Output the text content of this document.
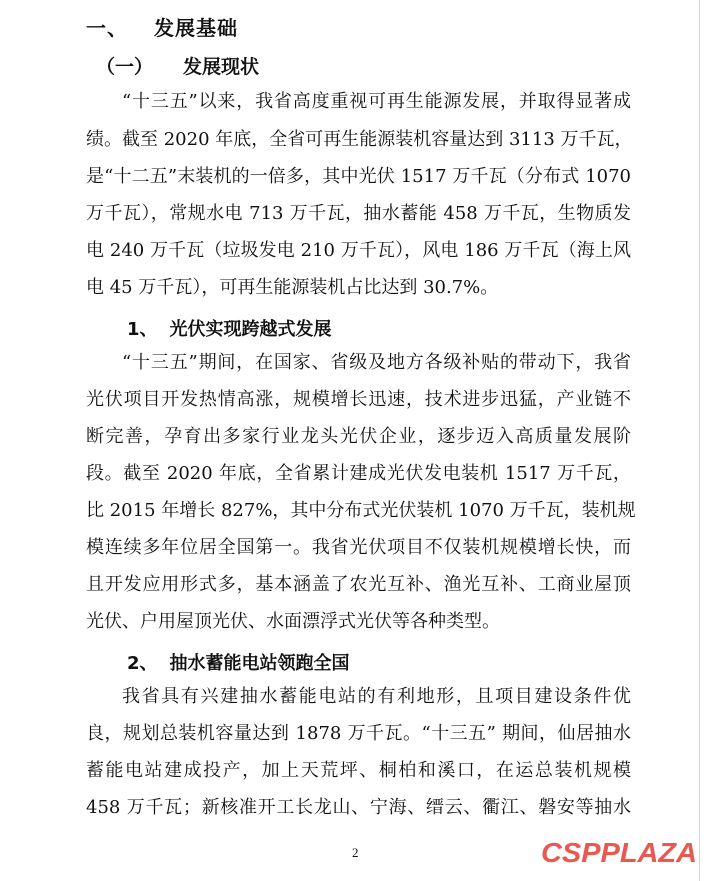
一、 发展基础
（一） 发展现状
“十三五”以来，我省高度重视可再生能源发展，并取得显著成
绩。截至 2020 年底，全省可再生能源装机容量达到 3113 万千瓦，
是“十二五”末装机的一倍多，其中光伏 1517 万千瓦（分布式 1070
万千瓦），常规水电 713 万千瓦，抽水蓄能 458 万千瓦，生物质发
电 240 万千瓦（垃圾发电 210 万千瓦），风电 186 万千瓦（海上风
电 45 万千瓦），可再生能源装机占比达到 30.7%。
1、 光伏实现跨越式发展
“十三五”期间，在国家、省级及地方各级补贴的带动下，我省
光伏项目开发热情高涨，规模增长迅速，技术进步迅猛，产业链不
断完善，孕育出多家行业龙头光伏企业，逐步迈入高质量发展阶
段。截至 2020 年底，全省累计建成光伏发电装机 1517 万千瓦，
比 2015 年增长 827%，其中分布式光伏装机 1070 万千瓦，装机规
模连续多年位居全国第一。我省光伏项目不仅装机规模增长快，而
且开发应用形式多，基本涵盖了农光互补、渔光互补、工商业屋顶
光伏、户用屋顶光伏、水面漂浮式光伏等各种类型。
2、 抽水蓄能电站领跑全国
我省具有兴建抽水蓄能电站的有利地形，且项目建设条件优
良，规划总装机容量达到 1878 万千瓦。“十三五” 期间，仙居抽水
蓄能电站建成投产，加上天荒坪、桐柏和溪口，在运总装机规模
458 万千瓦；新核准开工长龙山、宁海、缙云、衢江、磐安等抽水
2	CSPPLAZA
